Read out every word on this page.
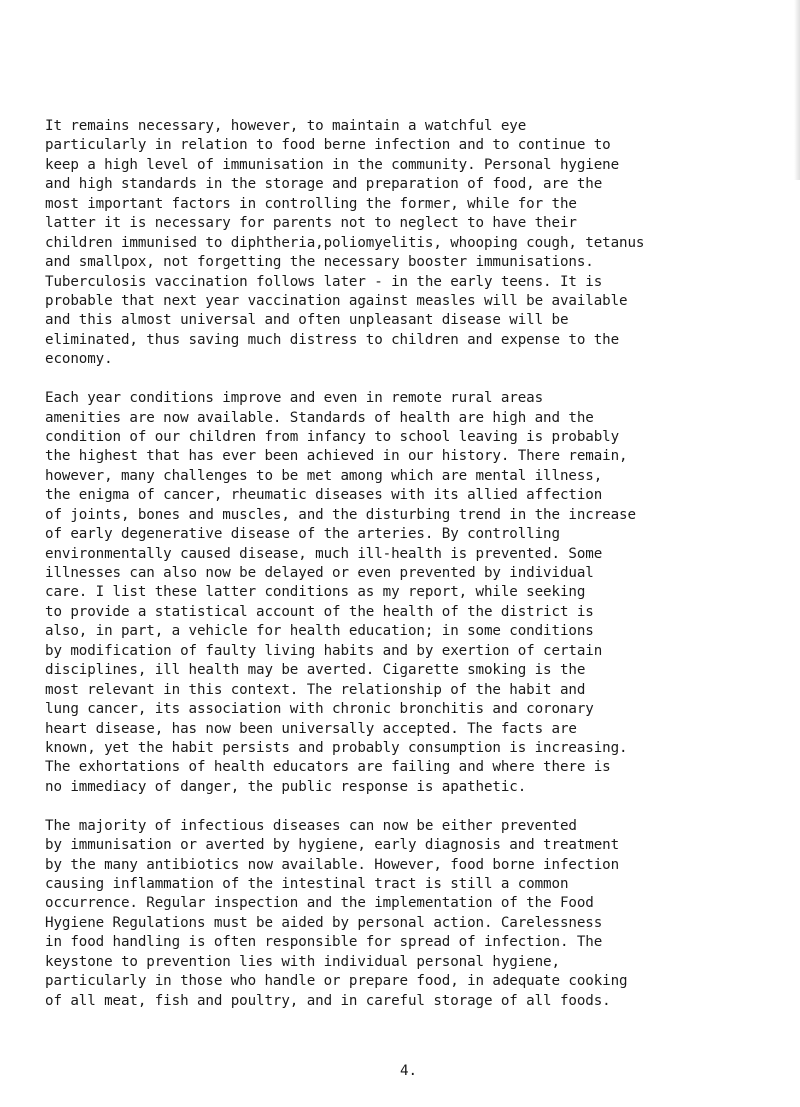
It remains necessary, however, to maintain a watchful eye
particularly in relation to food berne infection and to continue to
keep a high level of immunisation in the community. Personal hygiene
and high standards in the storage and preparation of food, are the
most important factors in controlling the former, while for the
latter it is necessary for parents not to neglect to have their
children immunised to diphtheria,poliomyelitis, whooping cough, tetanus
and smallpox, not forgetting the necessary booster immunisations.
Tuberculosis vaccination follows later - in the early teens. It is
probable that next year vaccination against measles will be available
and this almost universal and often unpleasant disease will be
eliminated, thus saving much distress to children and expense to the
economy.

Each year conditions improve and even in remote rural areas
amenities are now available. Standards of health are high and the
condition of our children from infancy to school leaving is probably
the highest that has ever been achieved in our history. There remain,
however, many challenges to be met among which are mental illness,
the enigma of cancer, rheumatic diseases with its allied affection
of joints, bones and muscles, and the disturbing trend in the increase
of early degenerative disease of the arteries. By controlling
environmentally caused disease, much ill-health is prevented. Some
illnesses can also now be delayed or even prevented by individual
care. I list these latter conditions as my report, while seeking
to provide a statistical account of the health of the district is
also, in part, a vehicle for health education; in some conditions
by modification of faulty living habits and by exertion of certain
disciplines, ill health may be averted. Cigarette smoking is the
most relevant in this context. The relationship of the habit and
lung cancer, its association with chronic bronchitis and coronary
heart disease, has now been universally accepted. The facts are
known, yet the habit persists and probably consumption is increasing.
The exhortations of health educators are failing and where there is
no immediacy of danger, the public response is apathetic.

The majority of infectious diseases can now be either prevented
by immunisation or averted by hygiene, early diagnosis and treatment
by the many antibiotics now available. However, food borne infection
causing inflammation of the intestinal tract is still a common
occurrence. Regular inspection and the implementation of the Food
Hygiene Regulations must be aided by personal action. Carelessness
in food handling is often responsible for spread of infection. The
keystone to prevention lies with individual personal hygiene,
particularly in those who handle or prepare food, in adequate cooking
of all meat, fish and poultry, and in careful storage of all foods.

4.
